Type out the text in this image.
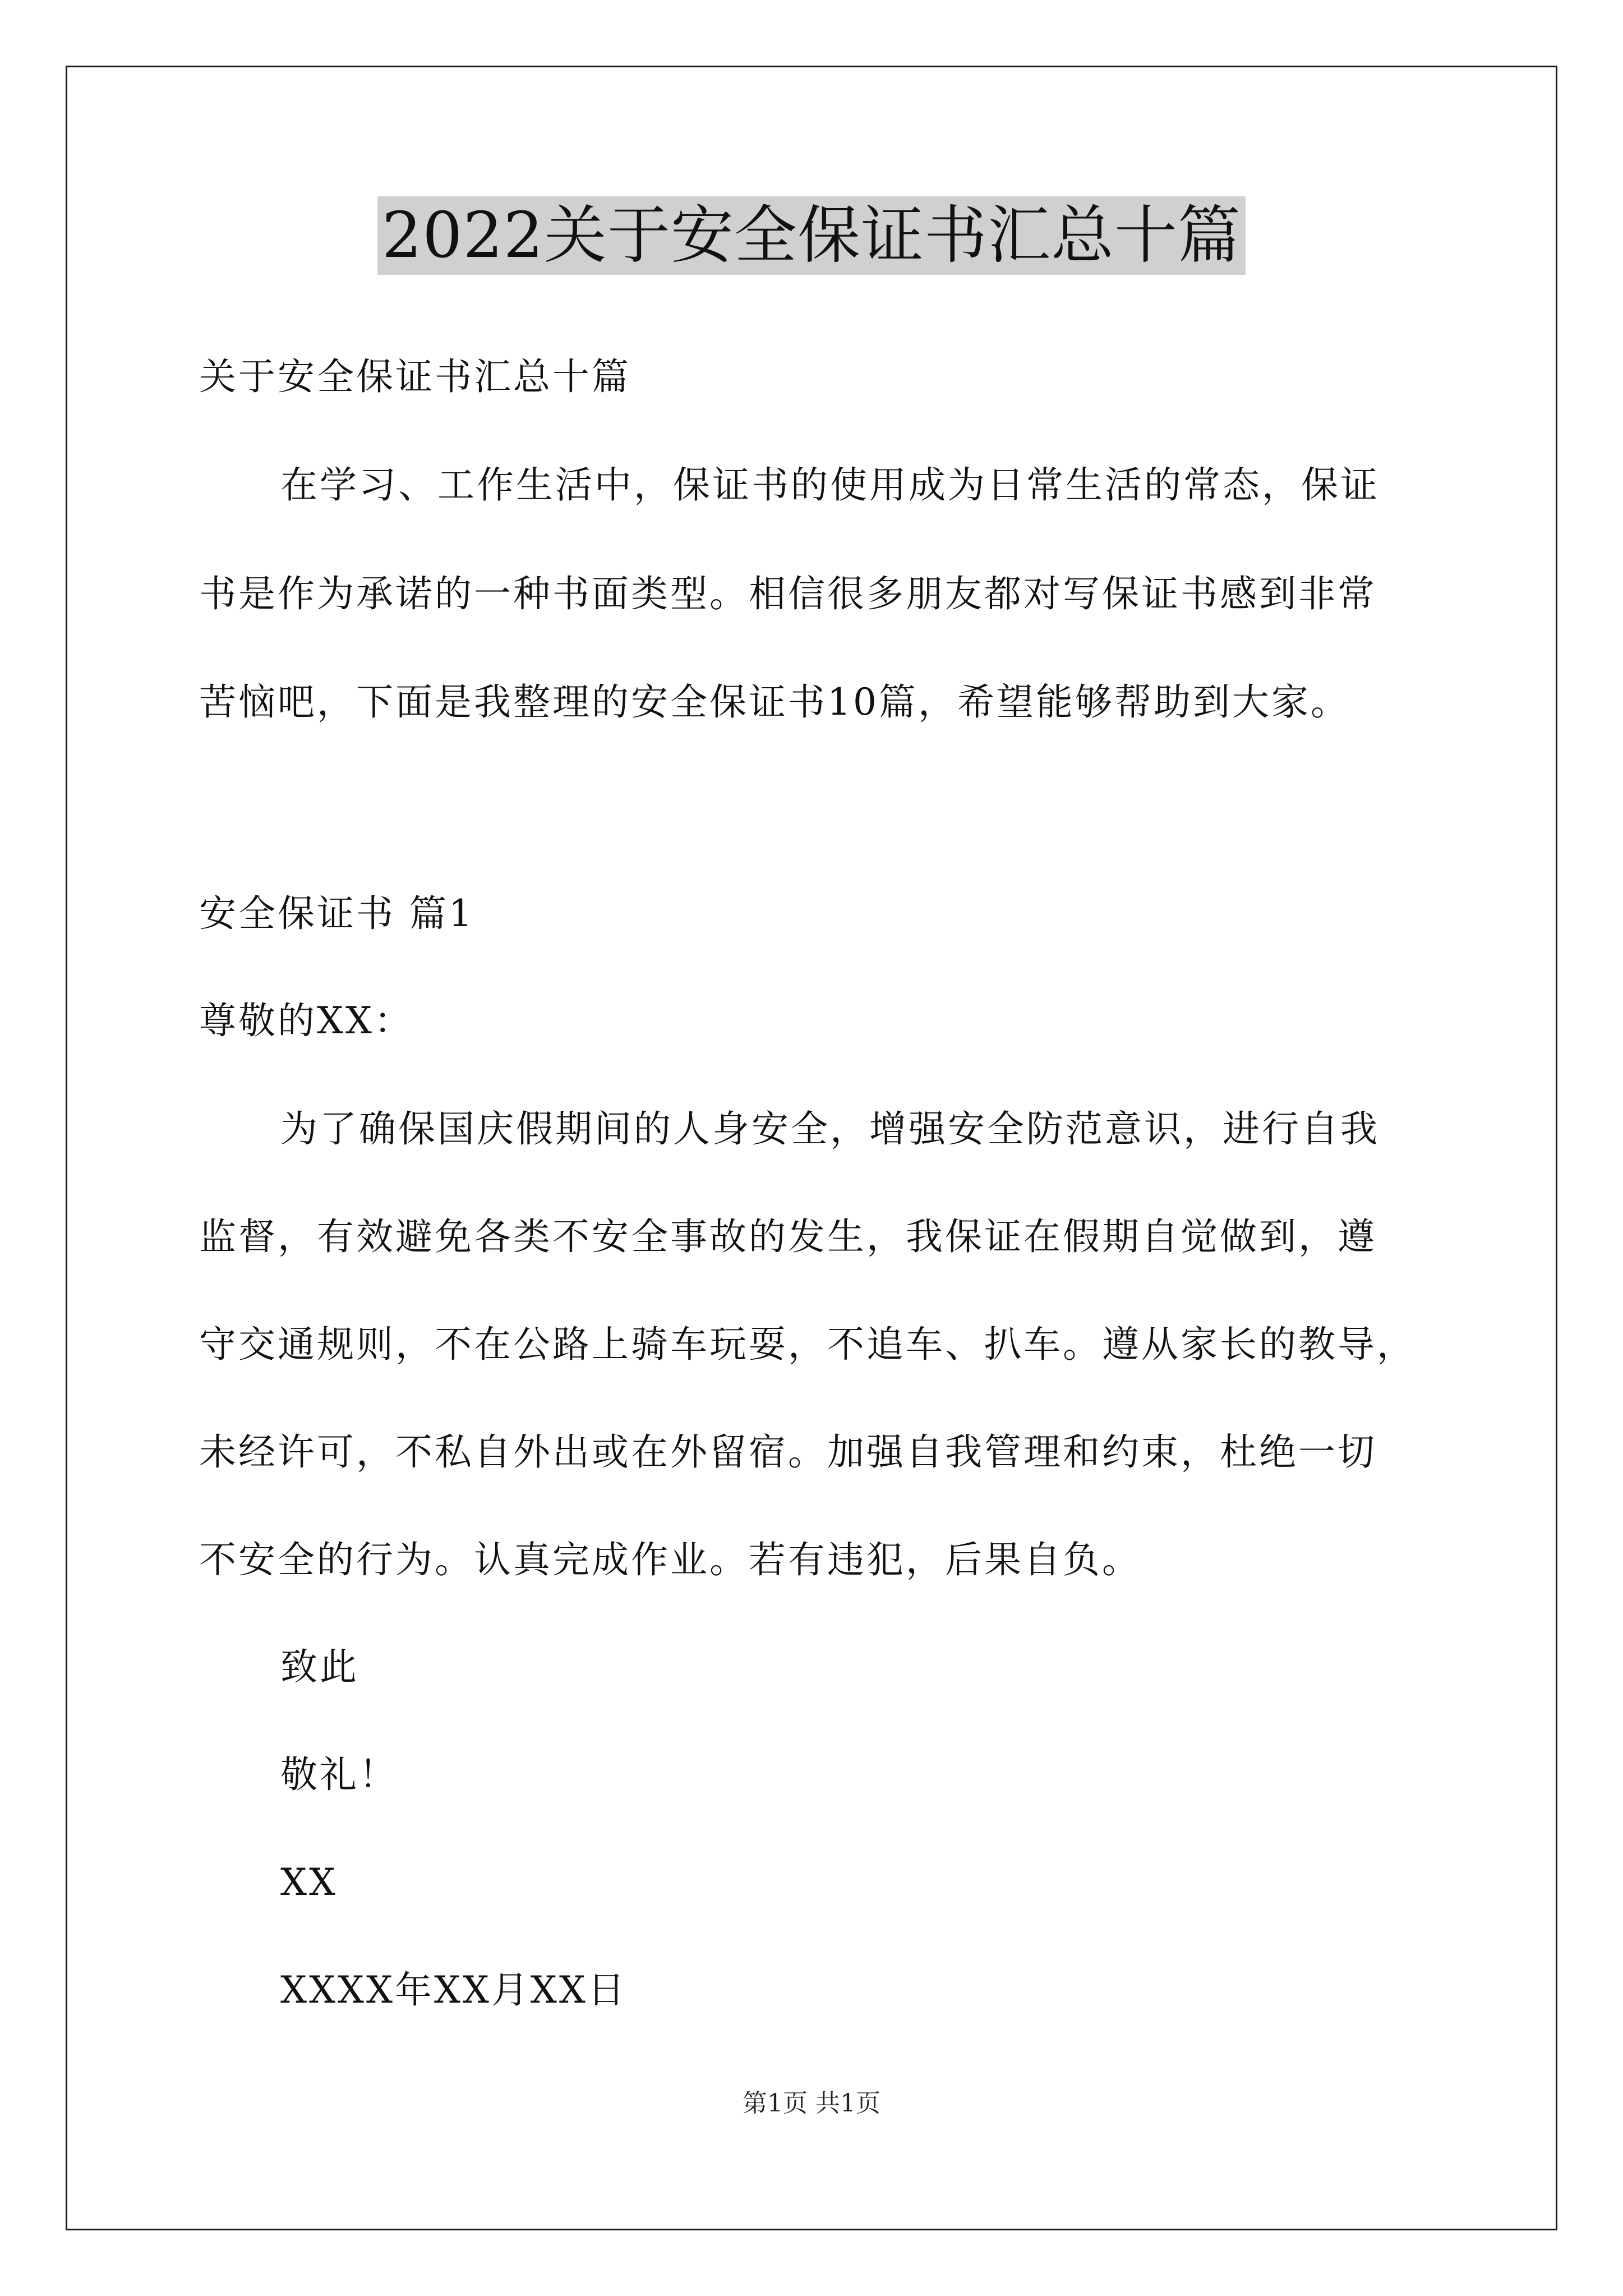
2022关于安全保证书汇总十篇
关于安全保证书汇总十篇
在学习、工作生活中，保证书的使用成为日常生活的常态，保证
书是作为承诺的一种书面类型。相信很多朋友都对写保证书感到非常
苦恼吧，下面是我整理的安全保证书10篇，希望能够帮助到大家。
安全保证书 篇1
尊敬的XX：
为了确保国庆假期间的人身安全，增强安全防范意识，进行自我
监督，有效避免各类不安全事故的发生，我保证在假期自觉做到，遵
守交通规则，不在公路上骑车玩耍，不追车、扒车。遵从家长的教导，
未经许可，不私自外出或在外留宿。加强自我管理和约束，杜绝一切
不安全的行为。认真完成作业。若有违犯，后果自负。
致此
敬礼！
XX
XXXX年XX月XX日
第1页 共1页
